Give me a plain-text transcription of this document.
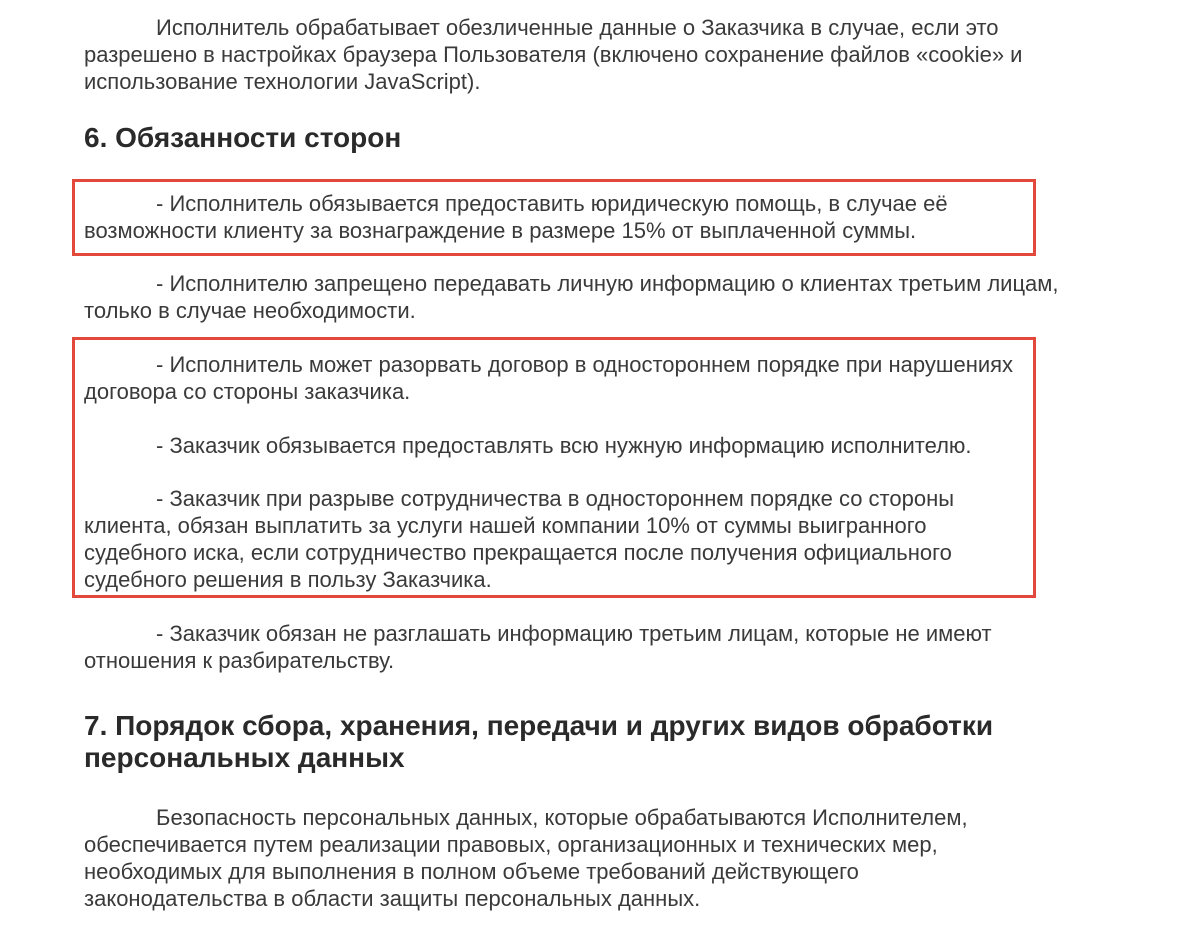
Исполнитель обрабатывает обезличенные данные о Заказчика в случае, если это разрешено в настройках браузера Пользователя (включено сохранение файлов «cookie» и использование технологии JavaScript).

6. Обязанности сторон

- Исполнитель обязывается предоставить юридическую помощь, в случае её возможности клиенту за вознаграждение в размере 15% от выплаченной суммы.

- Исполнителю запрещено передавать личную информацию о клиентах третьим лицам, только в случае необходимости.

- Исполнитель может разорвать договор в одностороннем порядке при нарушениях договора со стороны заказчика.

- Заказчик обязывается предоставлять всю нужную информацию исполнителю.

- Заказчик при разрыве сотрудничества в одностороннем порядке со стороны клиента, обязан выплатить за услуги нашей компании 10% от суммы выигранного судебного иска, если сотрудничество прекращается после получения официального судебного решения в пользу Заказчика.

- Заказчик обязан не разглашать информацию третьим лицам, которые не имеют отношения к разбирательству.

7. Порядок сбора, хранения, передачи и других видов обработки персональных данных

Безопасность персональных данных, которые обрабатываются Исполнителем, обеспечивается путем реализации правовых, организационных и технических мер, необходимых для выполнения в полном объеме требований действующего законодательства в области защиты персональных данных.
